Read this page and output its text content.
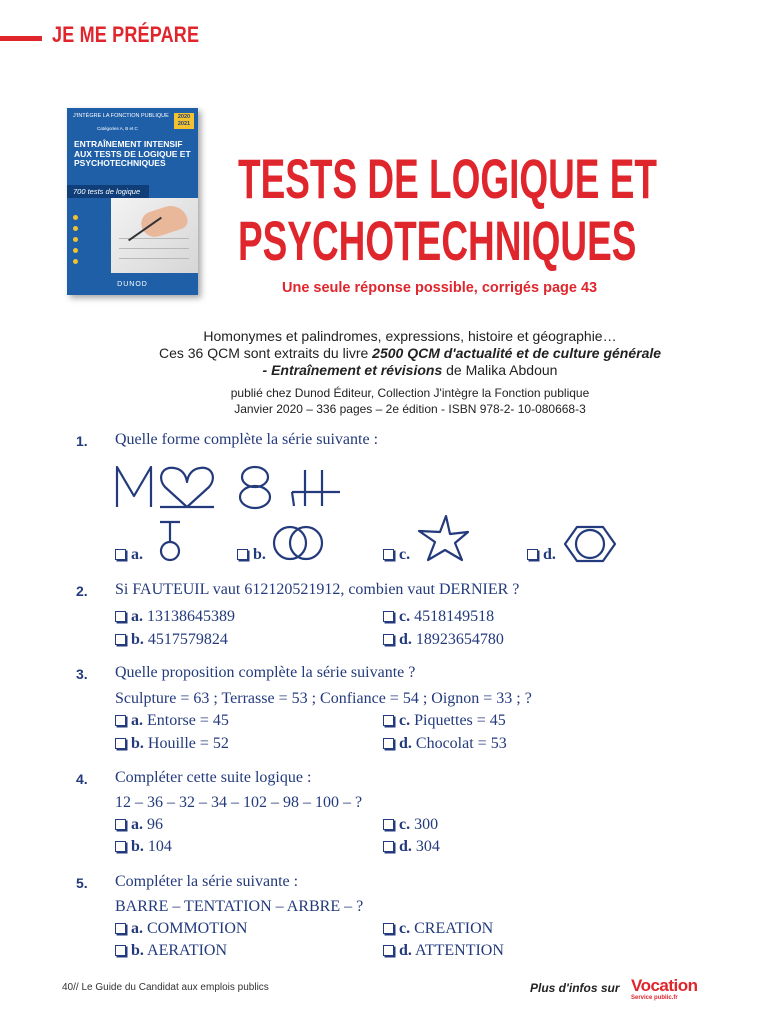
JE ME PRÉPARE
J'INTÈGRE LA FONCTION PUBLIQUE	2020 2021
Catégories A, B et C
ENTRAÎNEMENT INTENSIF AUX TESTS DE LOGIQUE ET PSYCHOTECHNIQUES
700 tests de logique
DUNOD
TESTS DE LOGIQUE ET
PSYCHOTECHNIQUES
Une seule réponse possible, corrigés page 43
Homonymes et palindromes, expressions, histoire et géographie…
Ces 36 QCM sont extraits du livre 2500 QCM d'actualité et de culture générale
- Entraînement et révisions de Malika Abdoun
publié chez Dunod Éditeur, Collection J'intègre la Fonction publique
Janvier 2020 – 336 pages – 2e édition - ISBN 978-2- 10-080668-3
1. Quelle forme complète la série suivante :
a.	b.	c.	d.
2. Si FAUTEUIL vaut 612120521912, combien vaut DERNIER ?
a. 13138645389
b. 4517579824
c. 4518149518
d. 18923654780
3. Quelle proposition complète la série suivante ?
Sculpture = 63 ; Terrasse = 53 ; Confiance = 54 ; Oignon = 33 ; ?
a. Entorse = 45
b. Houille = 52
c. Piquettes = 45
d. Chocolat = 53
4. Compléter cette suite logique :
12 – 36 – 32 – 34 – 102 – 98 – 100 – ?
a. 96
b. 104
c. 300
d. 304
5. Compléter la série suivante :
BARRE – TENTATION – ARBRE – ?
a. COMMOTION
b. AERATION
c. CREATION
d. ATTENTION
40// Le Guide du Candidat aux emplois publics	Plus d'infos sur Vocation
Service public.fr
